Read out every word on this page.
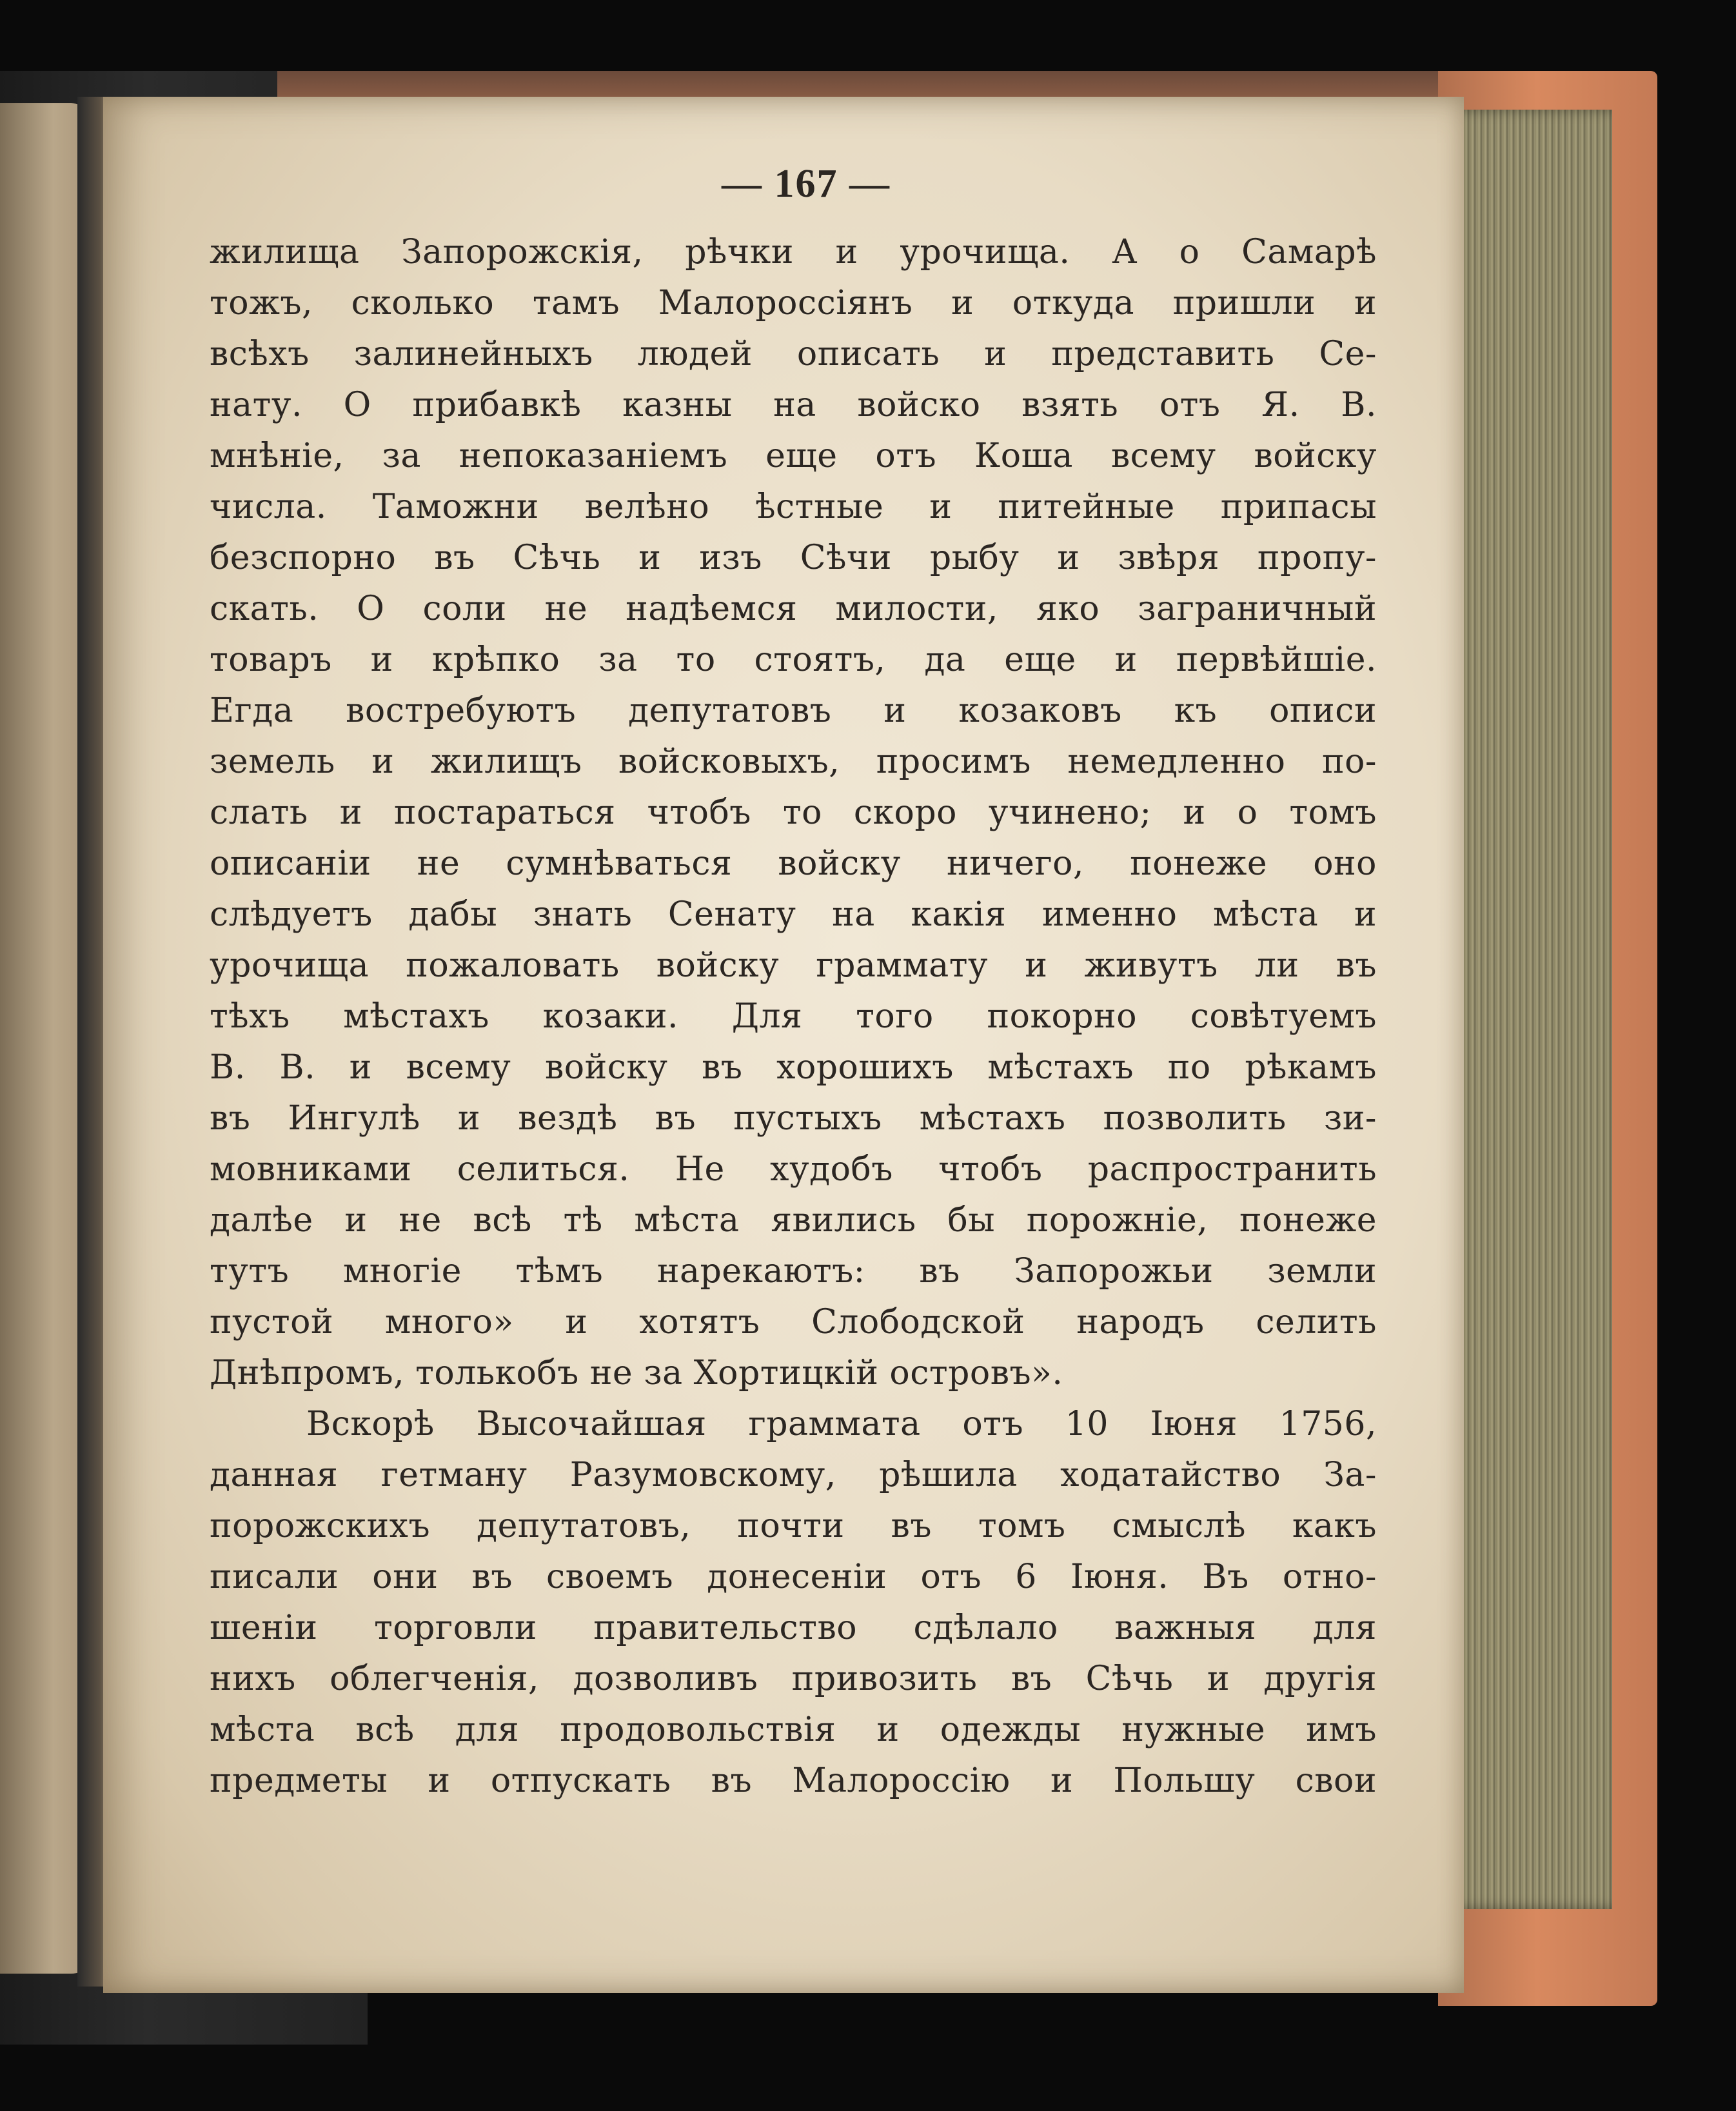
— 167 —
жилища Запорожскія, рѣчки и урочища. А о Самарѣ
тожъ, сколько тамъ Малороссіянъ и откуда пришли и
всѣхъ залинейныхъ людей описать и представить Се-
нату. О прибавкѣ казны на войско взять отъ Я. В.
мнѣніе, за непоказаніемъ еще отъ Коша всему войску
числа. Таможни велѣно ѣстные и питейные припасы
безспорно въ Сѣчь и изъ Сѣчи рыбу и звѣря пропу-
скать. О соли не надѣемся милости, яко заграничный
товаръ и крѣпко за то стоятъ, да еще и первѣйшіе.
Егда востребуютъ депутатовъ и козаковъ къ описи
земель и жилищъ войсковыхъ, просимъ немедленно по-
слать и постараться чтобъ то скоро учинено; и о томъ
описаніи не сумнѣваться войску ничего, понеже оно
слѣдуетъ дабы знать Сенату на какія именно мѣста и
урочища пожаловать войску граммату и живутъ ли въ
тѣхъ мѣстахъ козаки. Для того покорно совѣтуемъ
В. В. и всему войску въ хорошихъ мѣстахъ по рѣкамъ
въ Ингулѣ и вездѣ въ пустыхъ мѣстахъ позволить зи-
мовниками селиться. Не худобъ чтобъ распространить
далѣе и не всѣ тѣ мѣста явились бы порожніе, понеже
тутъ многіе тѣмъ нарекаютъ: въ Запорожьи земли
пустой много» и хотятъ Слободской народъ селить
Днѣпромъ, толькобъ не за Хортицкій островъ».
Вскорѣ Высочайшая граммата отъ 10 Іюня 1756,
данная гетману Разумовскому, рѣшила ходатайство За-
порожскихъ депутатовъ, почти въ томъ смыслѣ какъ
писали они въ своемъ донесеніи отъ 6 Іюня. Въ отно-
шеніи торговли правительство сдѣлало важныя для
нихъ облегченія, дозволивъ привозить въ Сѣчь и другія
мѣста всѣ для продовольствія и одежды нужные имъ
предметы и отпускать въ Малороссію и Польшу свои
